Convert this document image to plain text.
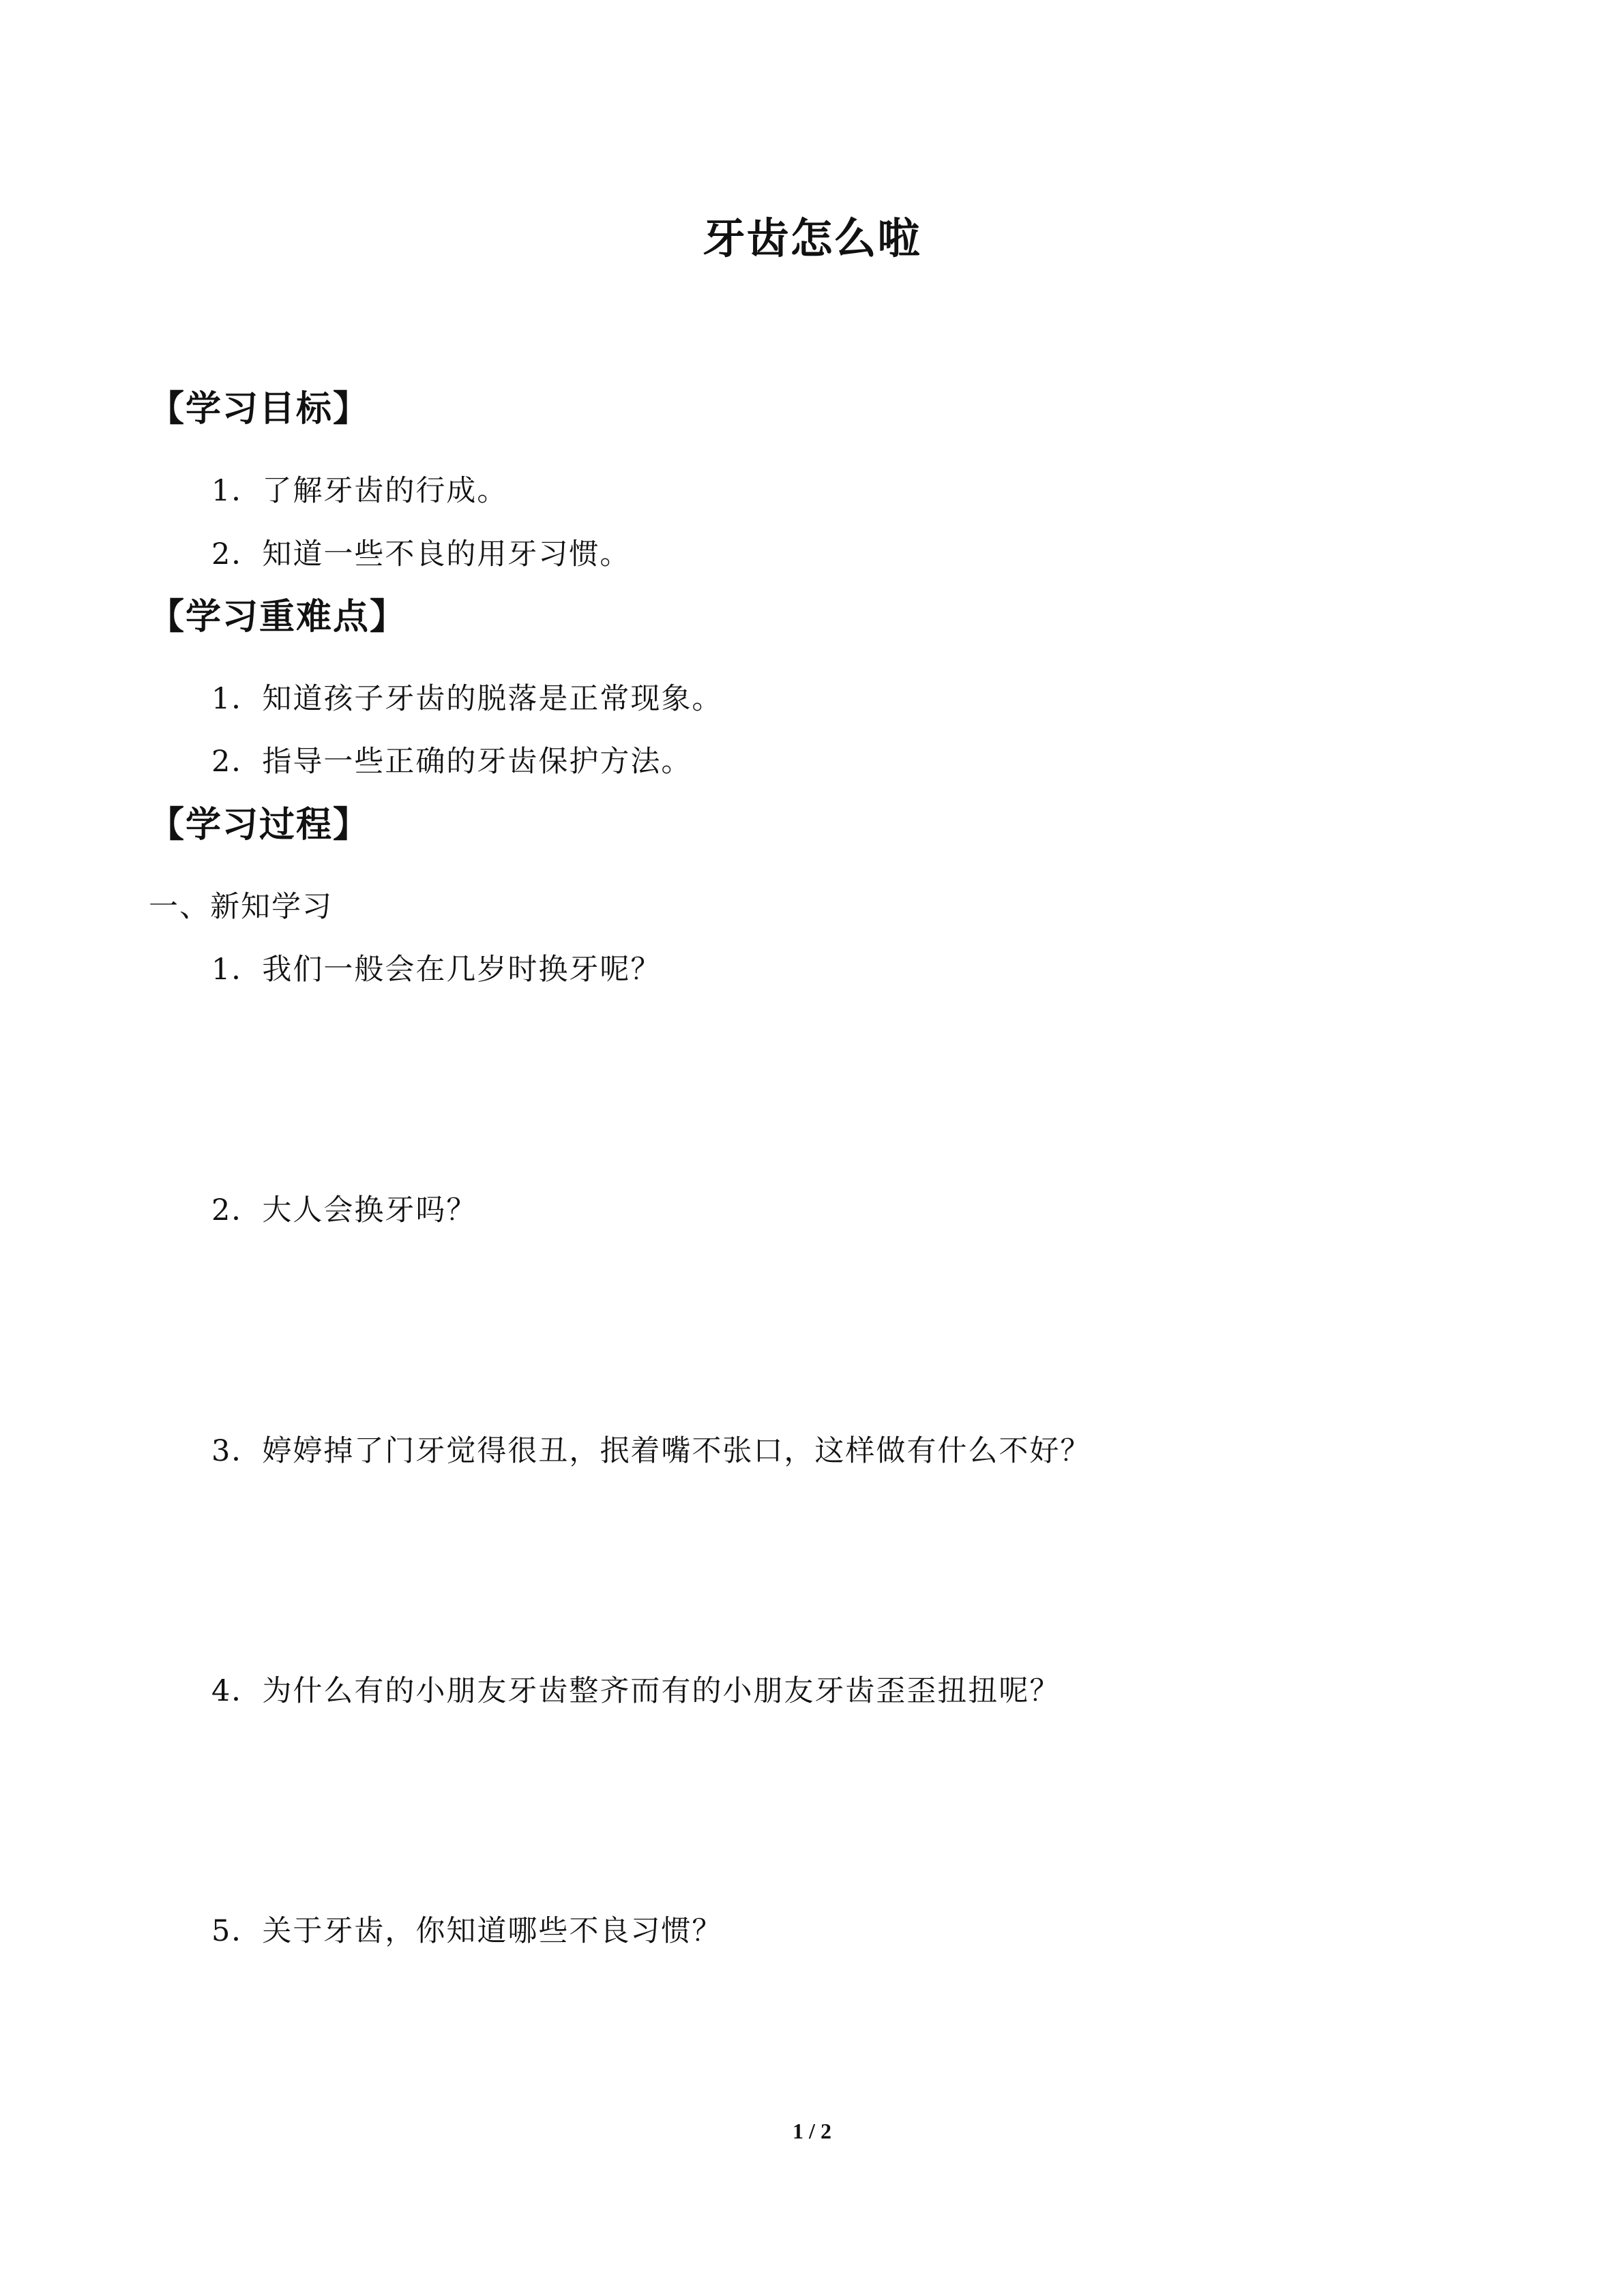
牙齿怎么啦
【学习目标】
1．了解牙齿的行成。
2．知道一些不良的用牙习惯。
【学习重难点】
1．知道孩子牙齿的脱落是正常现象。
2．指导一些正确的牙齿保护方法。
【学习过程】
一、新知学习
1．我们一般会在几岁时换牙呢？
2．大人会换牙吗？
3．婷婷掉了门牙觉得很丑，抿着嘴不张口，这样做有什么不好？
4．为什么有的小朋友牙齿整齐而有的小朋友牙齿歪歪扭扭呢？
5．关于牙齿，你知道哪些不良习惯？
1 / 2
